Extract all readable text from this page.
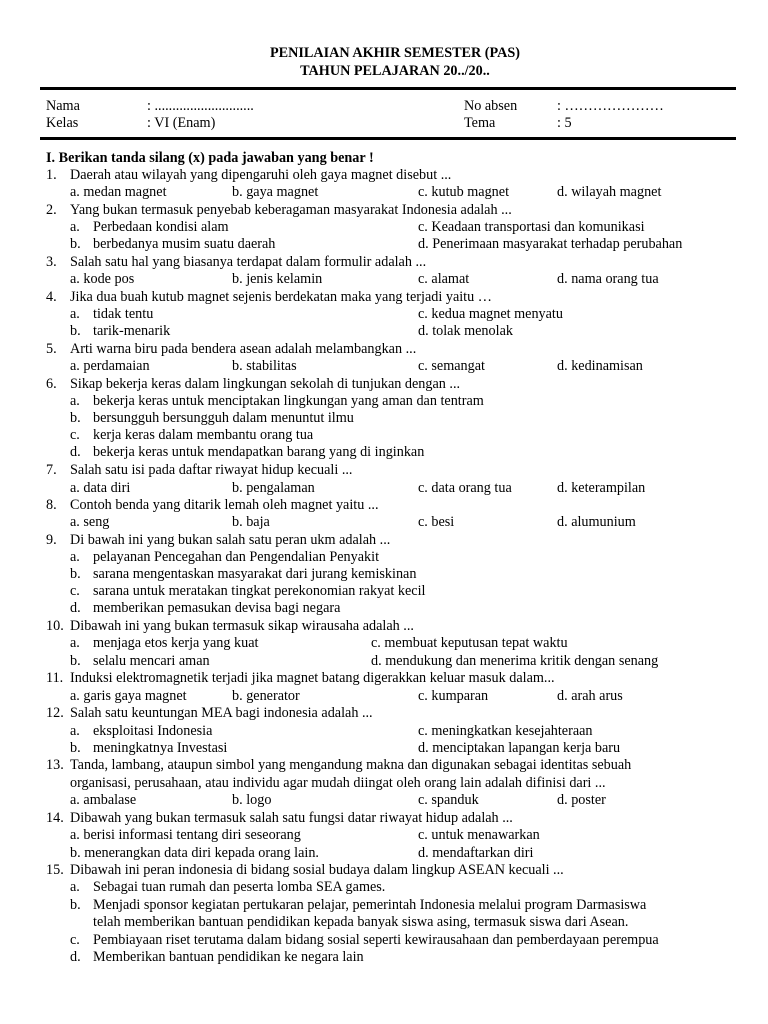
PENILAIAN AKHIR SEMESTER (PAS)
TAHUN PELAJARAN 20../20..
Nama	: ............................	No absen	: …………………
Kelas	: VI (Enam)	Tema	: 5
I. Berikan tanda silang (x) pada jawaban yang benar !
1. Daerah atau wilayah yang dipengaruhi oleh gaya magnet disebut ...
a. medan magnet	b. gaya magnet	c. kutub magnet	d. wilayah magnet
2. Yang bukan termasuk penyebab keberagaman masyarakat Indonesia adalah ...
a. Perbedaan kondisi alam	c. Keadaan transportasi dan komunikasi
b. berbedanya musim suatu daerah	d. Penerimaan masyarakat terhadap perubahan
3. Salah satu hal yang biasanya terdapat dalam formulir adalah ...
a. kode pos	b. jenis kelamin	c. alamat	d. nama orang tua
4. Jika dua buah kutub magnet sejenis berdekatan maka yang terjadi yaitu …
a. tidak tentu	c. kedua magnet menyatu
b. tarik-menarik	d. tolak menolak
5. Arti warna biru pada bendera asean adalah melambangkan ...
a. perdamaian	b. stabilitas	c. semangat	d. kedinamisan
6. Sikap bekerja keras dalam lingkungan sekolah di tunjukan dengan ...
a. bekerja keras untuk menciptakan lingkungan yang aman dan tentram
b. bersungguh bersungguh dalam menuntut ilmu
c. kerja keras dalam membantu orang tua
d. bekerja keras untuk mendapatkan barang yang di inginkan
7. Salah satu isi pada daftar riwayat hidup kecuali ...
a. data diri	b. pengalaman	c. data orang tua	d. keterampilan
8. Contoh benda yang ditarik lemah oleh magnet yaitu ...
a. seng	b. baja	c. besi	d. alumunium
9. Di bawah ini yang bukan salah satu peran ukm adalah ...
a. pelayanan Pencegahan dan Pengendalian Penyakit
b. sarana mengentaskan masyarakat dari jurang kemiskinan
c. sarana untuk meratakan tingkat perekonomian rakyat kecil
d. memberikan pemasukan devisa bagi negara
10. Dibawah ini yang bukan termasuk sikap wirausaha adalah ...
a. menjaga etos kerja yang kuat	c. membuat keputusan tepat waktu
b. selalu mencari aman	d. mendukung dan menerima kritik dengan senang
11. Induksi elektromagnetik terjadi jika magnet batang digerakkan keluar masuk dalam...
a. garis gaya magnet	b. generator	c. kumparan	d. arah arus
12. Salah satu keuntungan MEA bagi indonesia adalah ...
a. eksploitasi Indonesia	c. meningkatkan kesejahteraan
b. meningkatnya Investasi	d. menciptakan lapangan kerja baru
13. Tanda, lambang, ataupun simbol yang mengandung makna dan digunakan sebagai identitas sebuah
organisasi, perusahaan, atau individu agar mudah diingat oleh orang lain adalah difinisi dari ...
a. ambalase	b. logo	c. spanduk	d. poster
14. Dibawah yang bukan termasuk salah satu fungsi datar riwayat hidup adalah ...
a. berisi informasi tentang diri seseorang	c. untuk menawarkan
b. menerangkan data diri kepada orang lain.	d. mendaftarkan diri
15. Dibawah ini peran indonesia di bidang sosial budaya dalam lingkup ASEAN kecuali ...
a. Sebagai tuan rumah dan peserta lomba SEA games.
b. Menjadi sponsor kegiatan pertukaran pelajar, pemerintah Indonesia melalui program Darmasiswa
telah memberikan bantuan pendidikan kepada banyak siswa asing, termasuk siswa dari Asean.
c. Pembiayaan riset terutama dalam bidang sosial seperti kewirausahaan dan pemberdayaan perempua
d. Memberikan bantuan pendidikan ke negara lain
